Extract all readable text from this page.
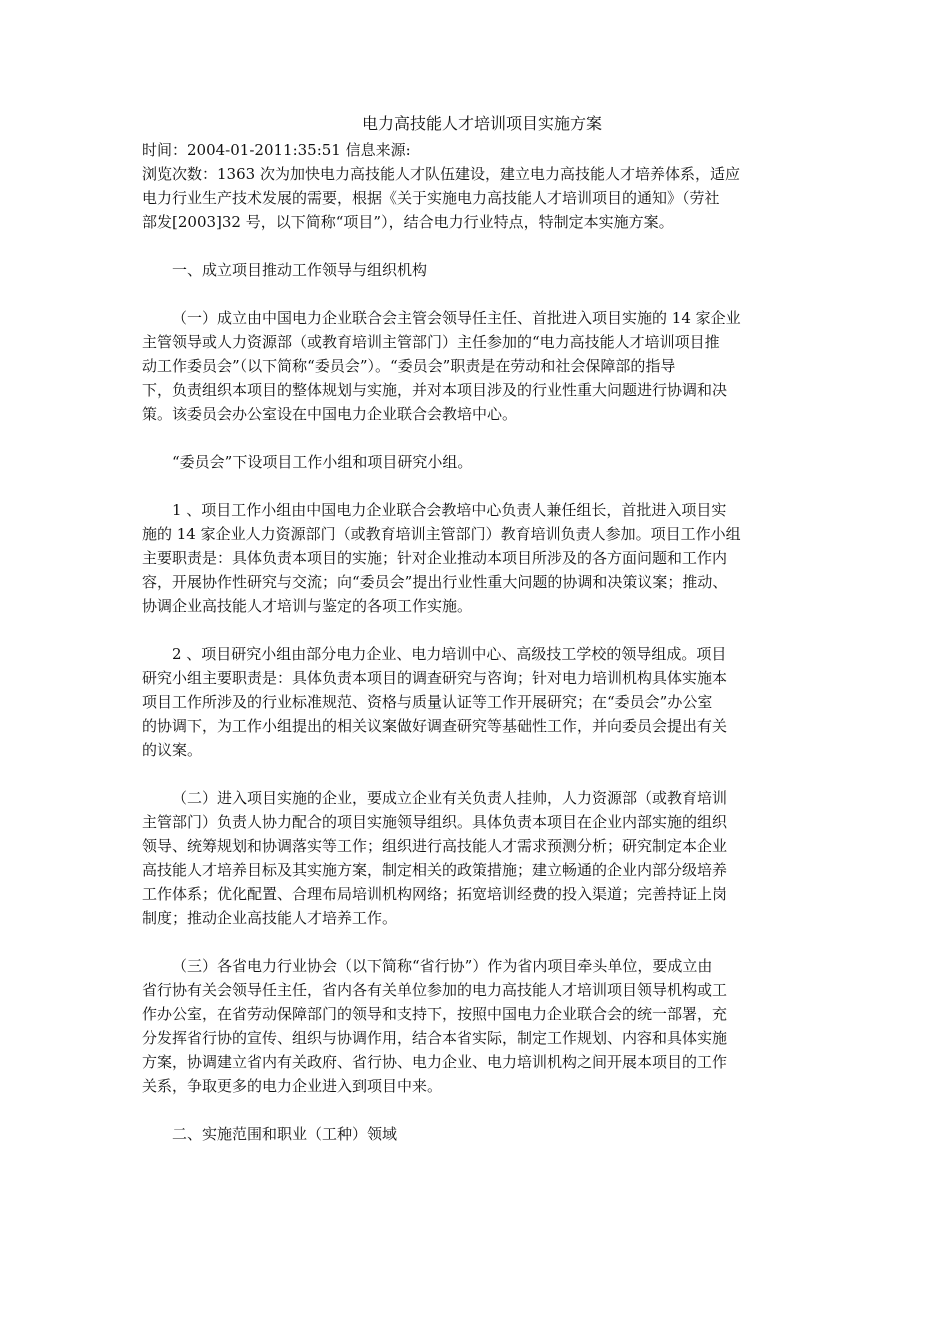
电力高技能人才培训项目实施方案
时间：2004-01-2011:35:51 信息来源:

浏览次数：1363 次为加快电力高技能人才队伍建设，建立电力高技能人才培养体系，适应
电力行业生产技术发展的需要，根据《关于实施电力高技能人才培训项目的通知》（劳社
部发[2003]32 号，以下简称“项目”），结合电力行业特点，特制定本实施方案。

一、成立项目推动工作领导与组织机构

（一）成立由中国电力企业联合会主管会领导任主任、首批进入项目实施的 14 家企业
主管领导或人力资源部（或教育培训主管部门）主任参加的“电力高技能人才培训项目推
动工作委员会”（以下简称“委员会”）。“委员会”职责是在劳动和社会保障部的指导
下，负责组织本项目的整体规划与实施，并对本项目涉及的行业性重大问题进行协调和决
策。该委员会办公室设在中国电力企业联合会教培中心。

“委员会”下设项目工作小组和项目研究小组。

1 、项目工作小组由中国电力企业联合会教培中心负责人兼任组长，首批进入项目实
施的 14 家企业人力资源部门（或教育培训主管部门）教育培训负责人参加。项目工作小组
主要职责是：具体负责本项目的实施；针对企业推动本项目所涉及的各方面问题和工作内
容，开展协作性研究与交流；向“委员会”提出行业性重大问题的协调和决策议案；推动、
协调企业高技能人才培训与鉴定的各项工作实施。

2 、项目研究小组由部分电力企业、电力培训中心、高级技工学校的领导组成。项目
研究小组主要职责是：具体负责本项目的调查研究与咨询；针对电力培训机构具体实施本
项目工作所涉及的行业标准规范、资格与质量认证等工作开展研究；在“委员会”办公室
的协调下，为工作小组提出的相关议案做好调查研究等基础性工作，并向委员会提出有关
的议案。

（二）进入项目实施的企业，要成立企业有关负责人挂帅，人力资源部（或教育培训
主管部门）负责人协力配合的项目实施领导组织。具体负责本项目在企业内部实施的组织
领导、统筹规划和协调落实等工作；组织进行高技能人才需求预测分析；研究制定本企业
高技能人才培养目标及其实施方案，制定相关的政策措施；建立畅通的企业内部分级培养
工作体系；优化配置、合理布局培训机构网络；拓宽培训经费的投入渠道；完善持证上岗
制度；推动企业高技能人才培养工作。

（三）各省电力行业协会（以下简称“省行协”）作为省内项目牵头单位，要成立由
省行协有关会领导任主任，省内各有关单位参加的电力高技能人才培训项目领导机构或工
作办公室，在省劳动保障部门的领导和支持下，按照中国电力企业联合会的统一部署，充
分发挥省行协的宣传、组织与协调作用，结合本省实际，制定工作规划、内容和具体实施
方案，协调建立省内有关政府、省行协、电力企业、电力培训机构之间开展本项目的工作
关系，争取更多的电力企业进入到项目中来。

二、实施范围和职业（工种）领域
